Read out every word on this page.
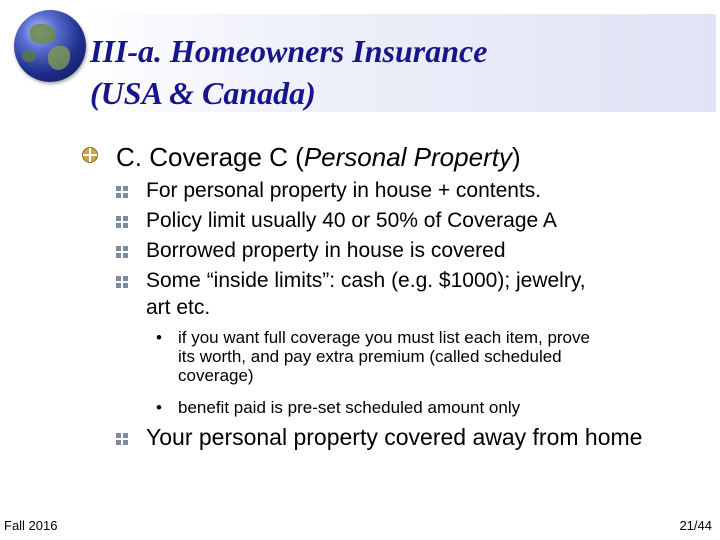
III-a. Homeowners Insurance
(USA & Canada)
C. Coverage C (Personal Property)
For personal property in house + contents.
Policy limit usually 40 or 50% of Coverage A
Borrowed property in house is covered
Some “inside limits”: cash (e.g. $1000); jewelry,
art etc.
• if you want full coverage you must list each item, prove
its worth, and pay extra premium (called scheduled
coverage)
• benefit paid is pre-set scheduled amount only
Your personal property covered away from home
Fall 2016	21/44
